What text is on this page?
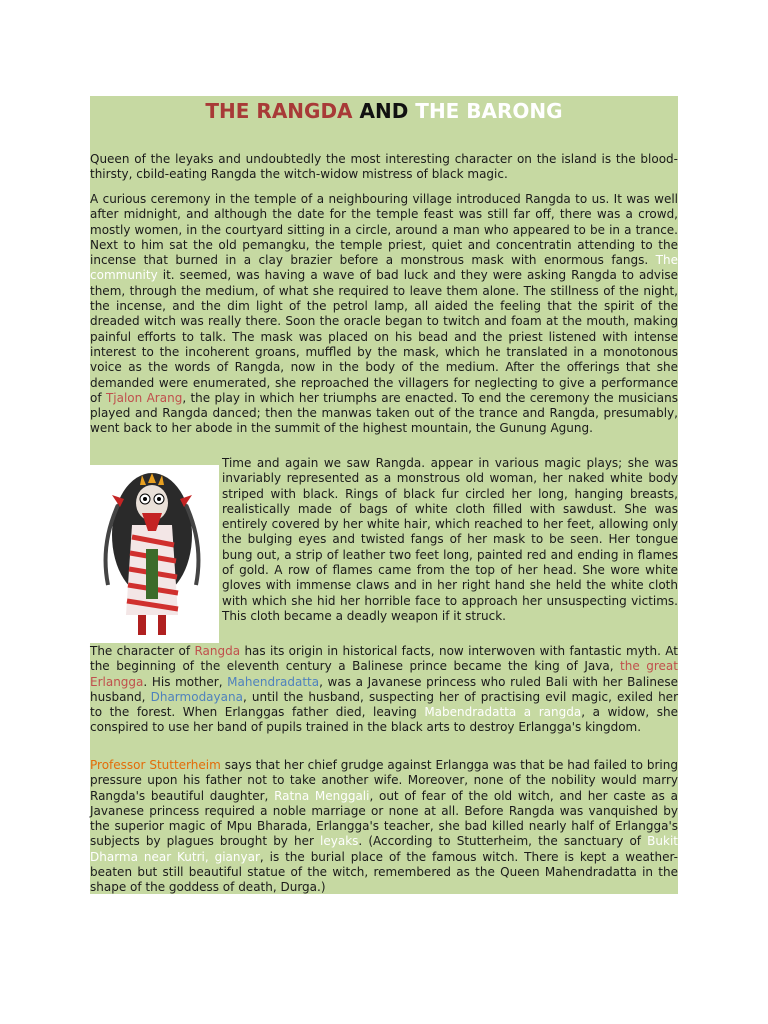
THE RANGDA AND THE BARONG

Queen of the leyaks and undoubtedly the most interesting character on the island is the blood-thirsty, cbild-eating Rangda the witch-widow mistress of black magic.

A curious ceremony in the temple of a neighbouring village introduced Rangda to us. It was well after midnight, and although the date for the temple feast was still far off, there was a crowd, mostly women, in the courtyard sitting in a circle, around a man who appeared to be in a trance. Next to him sat the old pemangku, the temple priest, quiet and concentratin attending to the incense that burned in a clay brazier before a monstrous mask with enormous fangs. The community it. seemed, was having a wave of bad luck and they were asking Rangda to advise them, through the medium, of what she required to leave them alone. The stillness of the night, the incense, and the dim light of the petrol lamp, all aided the feeling that the spirit of the dreaded witch was really there. Soon the oracle began to twitch and foam at the mouth, making painful efforts to talk. The mask was placed on his bead and the priest listened with intense interest to the incoherent groans, muffled by the mask, which he translated in a monotonous voice as the words of Rangda, now in the body of the medium. After the offerings that she demanded were enumerated, she reproached the villagers for neglecting to give a performance of Tjalon Arang, the play in which her triumphs are enacted. To end the ceremony the musicians played and Rangda danced; then the manwas taken out of the trance and Rangda, presumably, went back to her abode in the summit of the highest mountain, the Gunung Agung.

Time and again we saw Rangda. appear in various magic plays; she was invariably represented as a monstrous old woman, her naked white body striped with black. Rings of black fur circled her long, hanging breasts, realistically made of bags of white cloth filled with sawdust. She was entirely covered by her white hair, which reached to her feet, allowing only the bulging eyes and twisted fangs of her mask to be seen. Her tongue bung out, a strip of leather two feet long, painted red and ending in flames of gold. A row of flames came from the top of her head. She wore white gloves with immense claws and in her right hand she held the white cloth with which she hid her horrible face to approach her unsuspecting victims. This cloth became a deadly weapon if it struck.

The character of Rangda has its origin in historical facts, now interwoven with fantastic myth. At the beginning of the eleventh century a Balinese prince became the king of Java, the great Erlangga. His mother, Mahendradatta, was a Javanese princess who ruled Bali with her Balinese husband, Dharmodayana, until the husband, suspecting her of practising evil magic, exiled her to the forest. When Erlanggas father died, leaving Mabendradatta a rangda, a widow, she conspired to use her band of pupils trained in the black arts to destroy Erlangga's kingdom.

Professor Stutterheim says that her chief grudge against Erlangga was that be had failed to bring pressure upon his father not to take another wife. Moreover, none of the nobility would marry Rangda's beautiful daughter, Ratna Menggali, out of fear of the old witch, and her caste as a Javanese princess required a noble marriage or none at all. Before Rangda was vanquished by the superior magic of Mpu Bharada, Erlangga's teacher, she bad killed nearly half of Erlangga's subjects by plagues brought by her leyaks. (According to Stutterheim, the sanctuary of Bukit Dharma near Kutri, gianyar, is the burial place of the famous witch. There is kept a weather-beaten but still beautiful statue of the witch, remembered as the Queen Mahendradatta in the shape of the goddess of death, Durga.)
